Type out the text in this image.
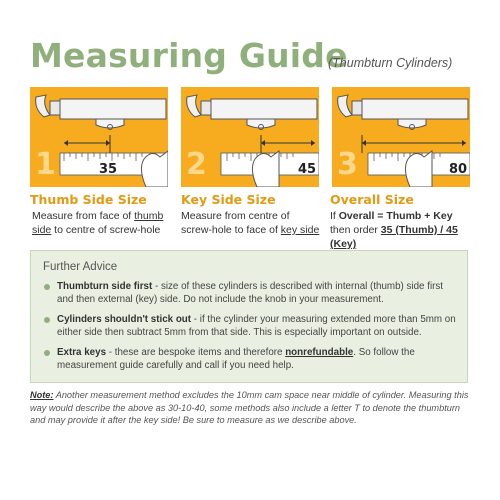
Measuring Guide
(Thumbturn Cylinders)
35
1	45
2	80
3
Thumb Side Size	Key Side Size	Overall Size
Measure from face of thumb side to centre of screw-hole
Measure from centre of screw-hole to face of key side
If Overall = Thumb + Key then order 35 (Thumb) / 45 (Key)
Further Advice
Thumbturn side first - size of these cylinders is described with internal (thumb) side first and then external (key) side. Do not include the knob in your measurement.
Cylinders shouldn't stick out - if the cylinder your measuring extended more than 5mm on either side then subtract 5mm from that side. This is especially important on outside.
Extra keys - these are bespoke items and therefore nonrefundable. So follow the measurement guide carefully and call if you need help.
Note: Another measurement method excludes the 10mm cam space near middle of cylinder. Measuring this way would describe the above as 30-10-40, some methods also include a letter T to denote the thumbturn and may provide it after the key side! Be sure to measure as we describe above.
